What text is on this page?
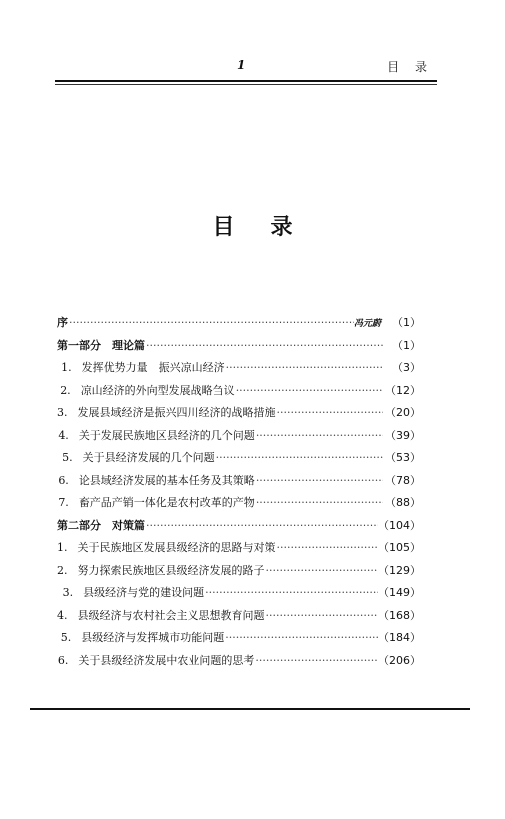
1	目 录
目录
序 ·····	冯元蔚	（1）
第一部分　理论篇 ·····	（1）
1. 发挥优势力量　振兴凉山经济 ·····	（3）
2. 凉山经济的外向型发展战略刍议 ·····	（12）
3. 发展县域经济是振兴四川经济的战略措施 ·····	（20）
4. 关于发展民族地区县经济的几个问题 ·····	（39）
5. 关于县经济发展的几个问题 ·····	（53）
6. 论县域经济发展的基本任务及其策略 ·····	（78）
7. 畜产品产销一体化是农村改革的产物 ·····	（88）
第二部分　对策篇 ·····	（104）
1. 关于民族地区发展县级经济的思路与对策 ·····	（105）
2. 努力探索民族地区县级经济发展的路子 ·····	（129）
3. 县级经济与党的建设问题 ·····	（149）
4. 县级经济与农村社会主义思想教育问题 ·····	（168）
5. 县级经济与发挥城市功能问题 ·····	（184）
6. 关于县级经济发展中农业问题的思考 ·····	（206）
